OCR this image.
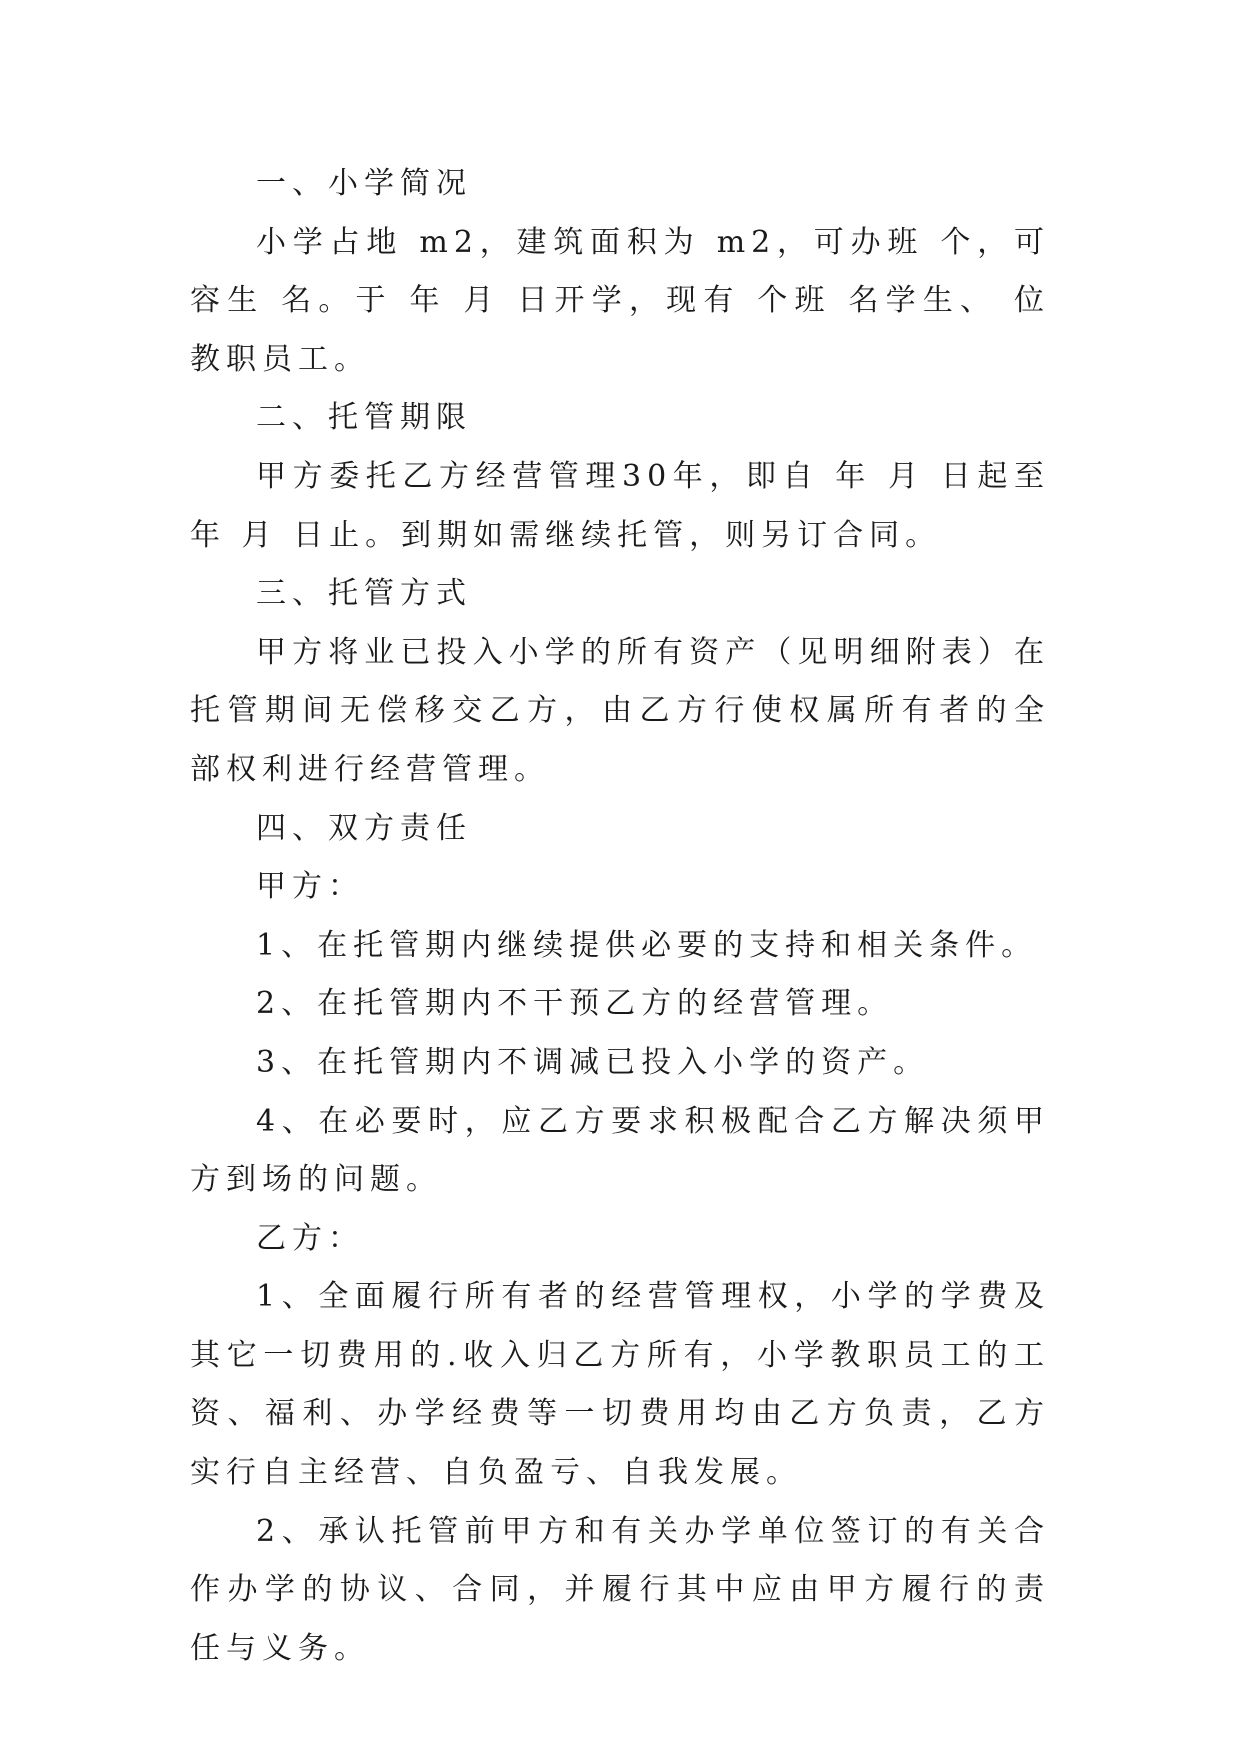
一、小学简况

小学占地 m2，建筑面积为 m2，可办班 个，可容生 名。于 年 月 日开学，现有 个班 名学生、 位教职员工。

二、托管期限

甲方委托乙方经营管理30年，即自 年 月 日起至 年 月 日止。到期如需继续托管，则另订合同。

三、托管方式

甲方将业已投入小学的所有资产（见明细附表）在托管期间无偿移交乙方，由乙方行使权属所有者的全部权利进行经营管理。

四、双方责任

甲方：

1、在托管期内继续提供必要的支持和相关条件。

2、在托管期内不干预乙方的经营管理。

3、在托管期内不调减已投入小学的资产。

4、在必要时，应乙方要求积极配合乙方解决须甲方到场的问题。

乙方：

1、全面履行所有者的经营管理权，小学的学费及其它一切费用的.收入归乙方所有，小学教职员工的工资、福利、办学经费等一切费用均由乙方负责，乙方实行自主经营、自负盈亏、自我发展。

2、承认托管前甲方和有关办学单位签订的有关合作办学的协议、合同，并履行其中应由甲方履行的责任与义务。
